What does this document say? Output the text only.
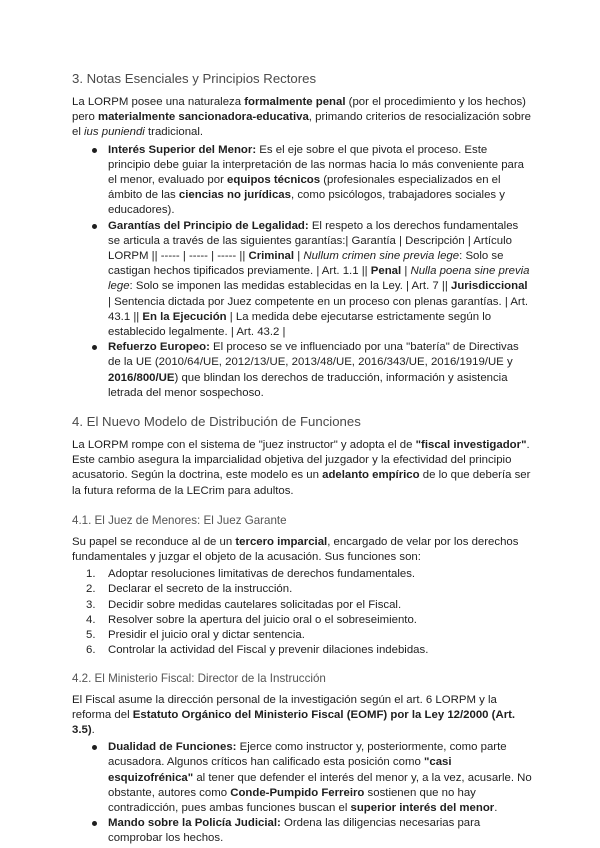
3. Notas Esenciales y Principios Rectores

La LORPM posee una naturaleza formalmente penal (por el procedimiento y los hechos) pero materialmente sancionadora-educativa, primando criterios de resocialización sobre el ius puniendi tradicional.

Interés Superior del Menor: Es el eje sobre el que pivota el proceso. Este principio debe guiar la interpretación de las normas hacia lo más conveniente para el menor, evaluado por equipos técnicos (profesionales especializados en el ámbito de las ciencias no jurídicas, como psicólogos, trabajadores sociales y educadores).
Garantías del Principio de Legalidad: El respeto a los derechos fundamentales se articula a través de las siguientes garantías:| Garantía | Descripción | Artículo LORPM || ----- | ----- | ----- || Criminal | Nullum crimen sine previa lege: Solo se castigan hechos tipificados previamente. | Art. 1.1 || Penal | Nulla poena sine previa lege: Solo se imponen las medidas establecidas en la Ley. | Art. 7 || Jurisdiccional | Sentencia dictada por Juez competente en un proceso con plenas garantías. | Art. 43.1 || En la Ejecución | La medida debe ejecutarse estrictamente según lo establecido legalmente. | Art. 43.2 |
Refuerzo Europeo: El proceso se ve influenciado por una "batería" de Directivas de la UE (2010/64/UE, 2012/13/UE, 2013/48/UE, 2016/343/UE, 2016/1919/UE y 2016/800/UE) que blindan los derechos de traducción, información y asistencia letrada del menor sospechoso.
4. El Nuevo Modelo de Distribución de Funciones

La LORPM rompe con el sistema de "juez instructor" y adopta el de "fiscal investigador". Este cambio asegura la imparcialidad objetiva del juzgador y la efectividad del principio acusatorio. Según la doctrina, este modelo es un adelanto empírico de lo que debería ser la futura reforma de la LECrim para adultos.

4.1. El Juez de Menores: El Juez Garante

Su papel se reconduce al de un tercero imparcial, encargado de velar por los derechos fundamentales y juzgar el objeto de la acusación. Sus funciones son:

1. Adoptar resoluciones limitativas de derechos fundamentales.
2. Declarar el secreto de la instrucción.
3. Decidir sobre medidas cautelares solicitadas por el Fiscal.
4. Resolver sobre la apertura del juicio oral o el sobreseimiento.
5. Presidir el juicio oral y dictar sentencia.
6. Controlar la actividad del Fiscal y prevenir dilaciones indebidas.
4.2. El Ministerio Fiscal: Director de la Instrucción

El Fiscal asume la dirección personal de la investigación según el art. 6 LORPM y la reforma del Estatuto Orgánico del Ministerio Fiscal (EOMF) por la Ley 12/2000 (Art. 3.5).

Dualidad de Funciones: Ejerce como instructor y, posteriormente, como parte acusadora. Algunos críticos han calificado esta posición como "casi esquizofrénica" al tener que defender el interés del menor y, a la vez, acusarle. No obstante, autores como Conde-Pumpido Ferreiro sostienen que no hay contradicción, pues ambas funciones buscan el superior interés del menor.
Mando sobre la Policía Judicial: Ordena las diligencias necesarias para comprobar los hechos.
